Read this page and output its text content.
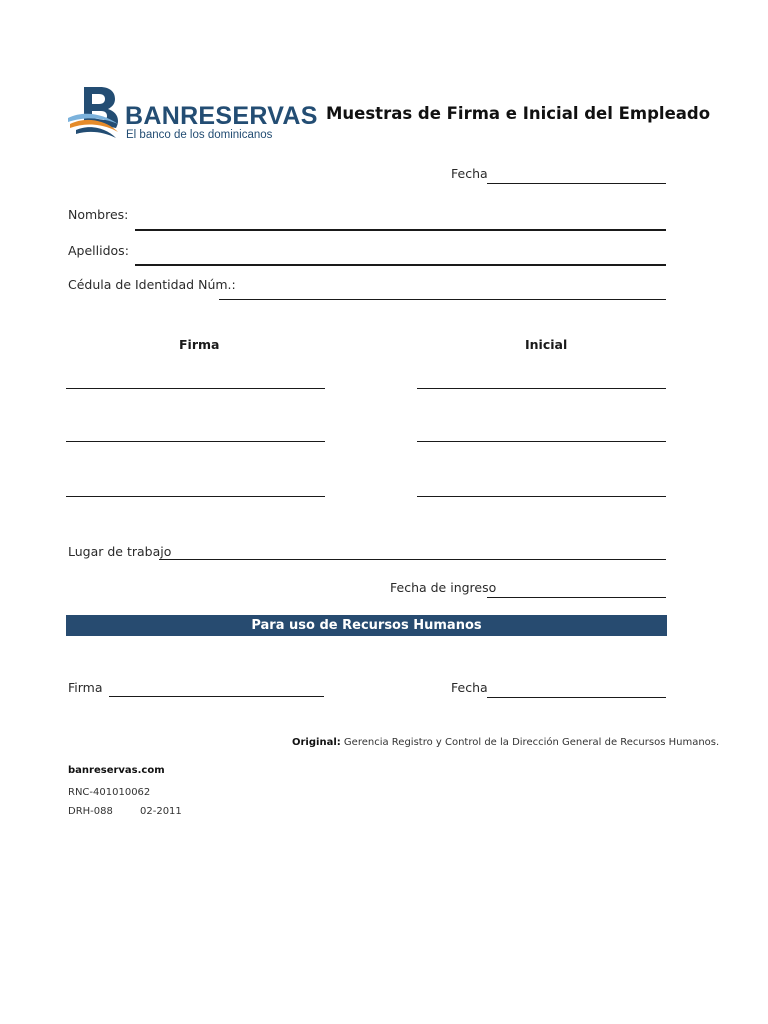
BANRESERVAS
El banco de los dominicanos
Muestras de Firma e Inicial del Empleado
Fecha
Nombres:
Apellidos:
Cédula de Identidad Núm.:
Firma	Inicial
Lugar de trabajo
Fecha de ingreso
Para uso de Recursos Humanos
Firma	Fecha
Original: Gerencia Registro y Control de la Dirección General de Recursos Humanos.
banreservas.com
RNC-401010062
DRH-088	02-2011
